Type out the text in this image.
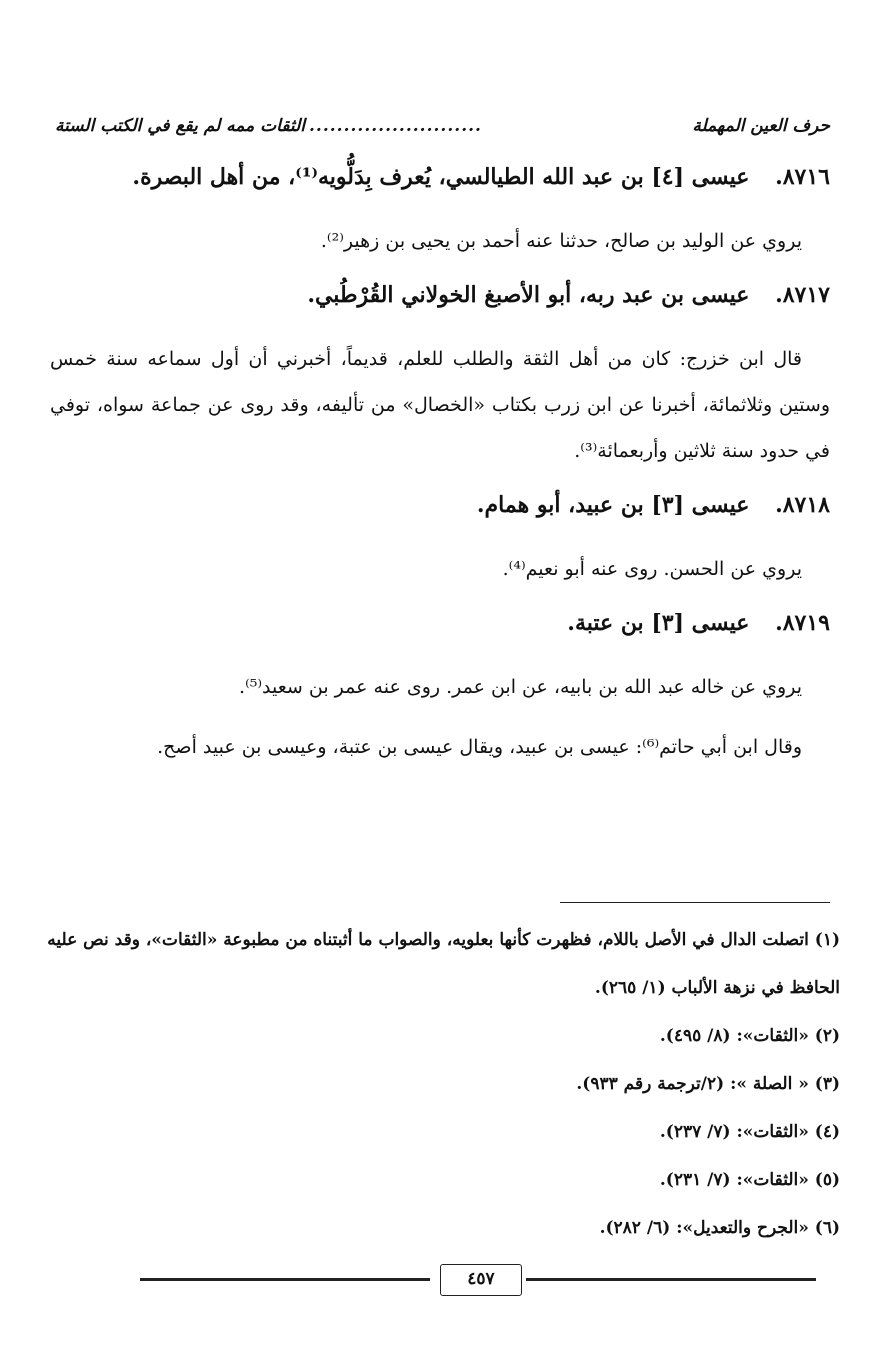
حرف العين المهملة
.........................
الثقات ممه لم يقع في الكتب الستة
٨٧١٦. عيسى [٤] بن عبد الله الطيالسي، يُعرف بِدَلُّويه⁽¹⁾، من أهل البصرة.

يروي عن الوليد بن صالح، حدثنا عنه أحمد بن يحيى بن زهير⁽²⁾.

٨٧١٧. عيسى بن عبد ربه، أبو الأصبغ الخولاني القُرْطُبي.

قال ابن خزرج: كان من أهل الثقة والطلب للعلم، قديماً، أخبرني أن أول سماعه سنة خمس وستين وثلاثمائة، أخبرنا عن ابن زرب بكتاب «الخصال» من تأليفه، وقد روى عن جماعة سواه، توفي في حدود سنة ثلاثين وأربعمائة⁽³⁾.

٨٧١٨. عيسى [٣] بن عبيد، أبو همام.

يروي عن الحسن. روى عنه أبو نعيم⁽⁴⁾.

٨٧١٩. عيسى [٣] بن عتبة.

يروي عن خاله عبد الله بن بابيه، عن ابن عمر. روى عنه عمر بن سعيد⁽⁵⁾.

وقال ابن أبي حاتم⁽⁶⁾: عيسى بن عبيد، ويقال عيسى بن عتبة، وعيسى بن عبيد أصح.

(١) اتصلت الدال في الأصل باللام، فظهرت كأنها بعلويه، والصواب ما أثبتناه من مطبوعة «الثقات»، وقد نص عليه الحافظ في نزهة الألباب (١/ ٢٦٥).

(٢) «الثقات»: (٨/ ٤٩٥).

(٣) « الصلة »: (٢/ترجمة رقم ٩٣٣).

(٤) «الثقات»: (٧/ ٢٣٧).

(٥) «الثقات»: (٧/ ٢٣١).

(٦) «الجرح والتعديل»: (٦/ ٢٨٢).

٤٥٧
